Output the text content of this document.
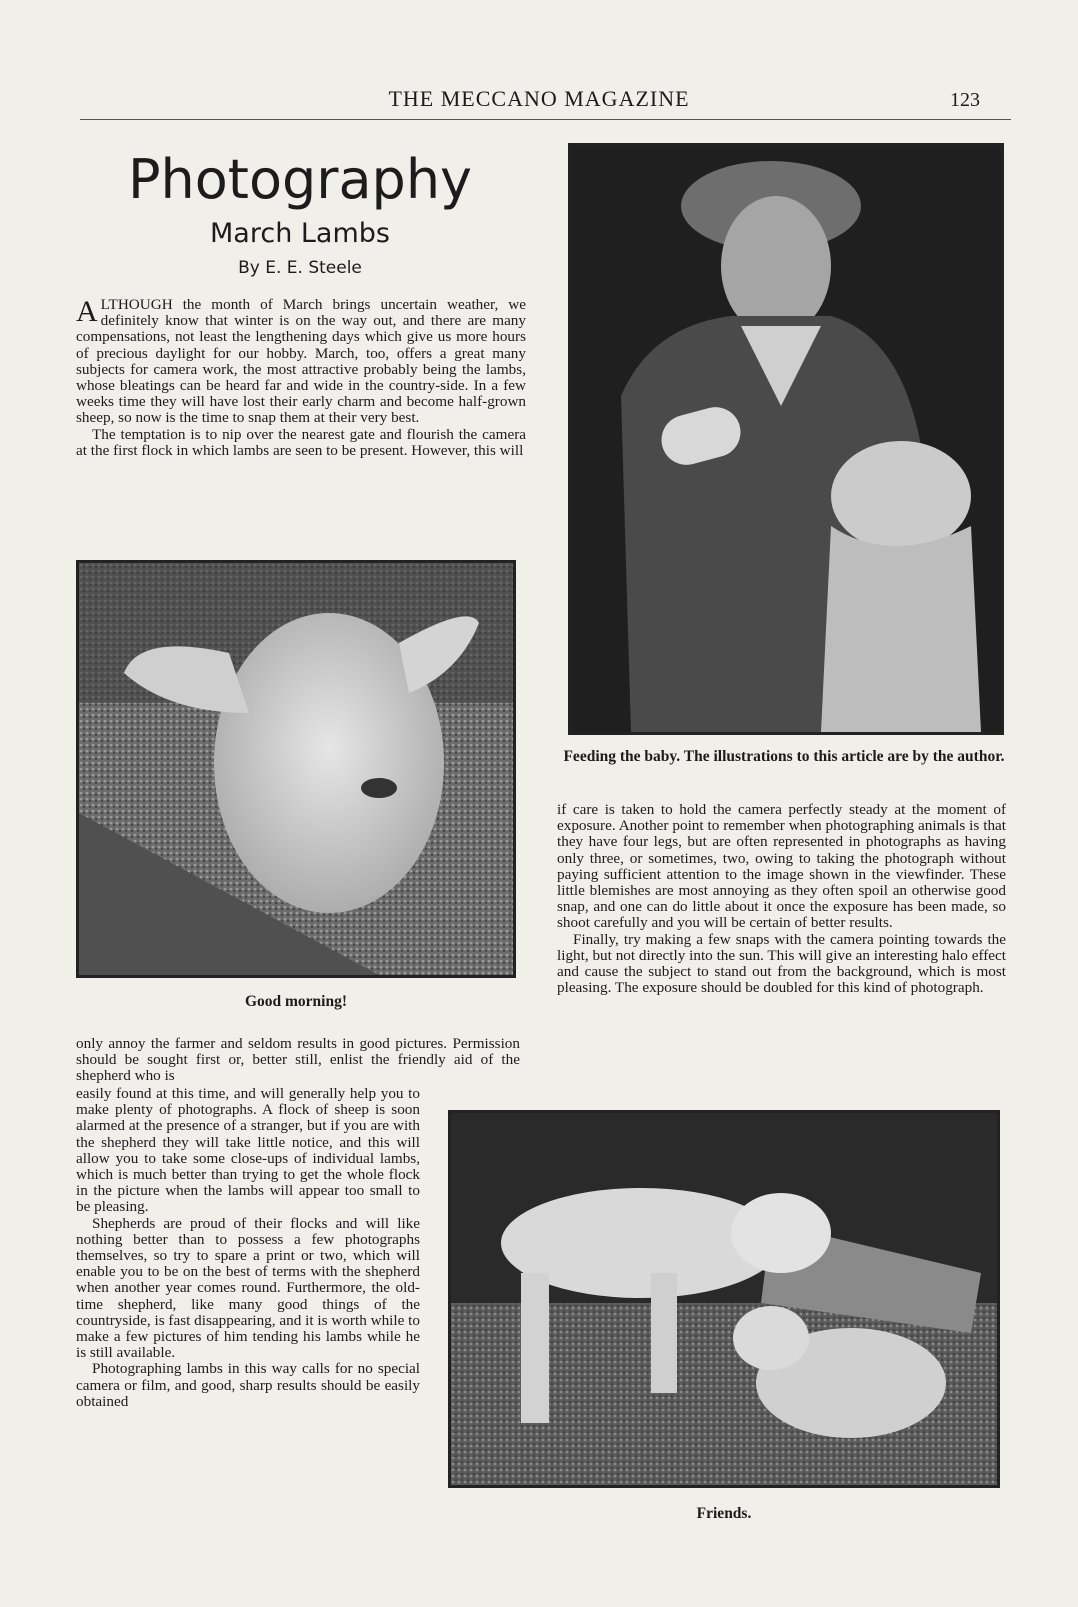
THE MECCANO MAGAZINE	123
Photography
March Lambs
By E. E. Steele

ALTHOUGH the month of March brings uncertain weather, we definitely know that winter is on the way out, and there are many compensations, not least the lengthening days which give us more hours of precious daylight for our hobby. March, too, offers a great many subjects for camera work, the most attractive probably being the lambs, whose bleatings can be heard far and wide in the country-side. In a few weeks time they will have lost their early charm and become half-grown sheep, so now is the time to snap them at their very best.

The temptation is to nip over the nearest gate and flourish the camera at the first flock in which lambs are seen to be present. However, this will

Good morning!

only annoy the farmer and seldom results in good pictures. Permission should be sought first or, better still, enlist the friendly aid of the shepherd who is

easily found at this time, and will generally help you to make plenty of photographs. A flock of sheep is soon alarmed at the presence of a stranger, but if you are with the shepherd they will take little notice, and this will allow you to take some close-ups of individual lambs, which is much better than trying to get the whole flock in the picture when the lambs will appear too small to be pleasing.

Shepherds are proud of their flocks and will like nothing better than to possess a few photographs themselves, so try to spare a print or two, which will enable you to be on the best of terms with the shepherd when another year comes round. Furthermore, the old-time shepherd, like many good things of the countryside, is fast disappearing, and it is worth while to make a few pictures of him tending his lambs while he is still available.

Photographing lambs in this way calls for no special camera or film, and good, sharp results should be easily obtained

Feeding the baby. The illustrations to this article are by the author.

if care is taken to hold the camera perfectly steady at the moment of exposure. Another point to remember when photographing animals is that they have four legs, but are often represented in photographs as having only three, or sometimes, two, owing to taking the photograph without paying sufficient attention to the image shown in the viewfinder. These little blemishes are most annoying as they often spoil an otherwise good snap, and one can do little about it once the exposure has been made, so shoot carefully and you will be certain of better results.

Finally, try making a few snaps with the camera pointing towards the light, but not directly into the sun. This will give an interesting halo effect and cause the subject to stand out from the background, which is most pleasing. The exposure should be doubled for this kind of photograph.

Friends.
